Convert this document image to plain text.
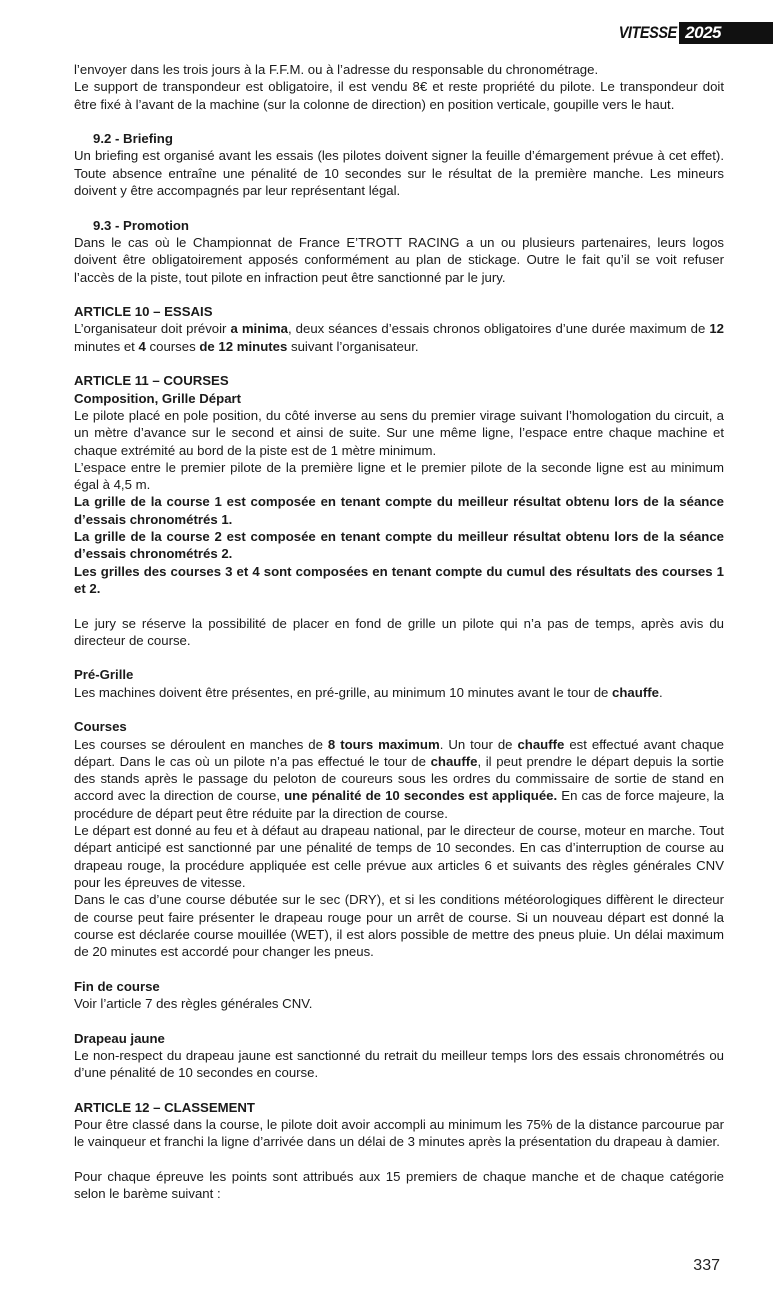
VITESSE 2025

l’envoyer dans les trois jours à la F.F.M. ou à l’adresse du responsable du chronométrage.

Le support de transpondeur est obligatoire, il est vendu 8€ et reste propriété du pilote. Le transpondeur doit être fixé à l’avant de la machine (sur la colonne de direction) en position verticale, goupille vers le haut.

9.2 - Briefing

Un briefing est organisé avant les essais (les pilotes doivent signer la feuille d’émargement prévue à cet effet). Toute absence entraîne une pénalité de 10 secondes sur le résultat de la première manche. Les mineurs doivent y être accompagnés par leur représentant légal.

9.3 - Promotion

Dans le cas où le Championnat de France E’TROTT RACING a un ou plusieurs partenaires, leurs logos doivent être obligatoirement apposés conformément au plan de stickage. Outre le fait qu’il se voit refuser l’accès de la piste, tout pilote en infraction peut être sanctionné par le jury.

ARTICLE 10 – ESSAIS

L’organisateur doit prévoir a minima, deux séances d’essais chronos obligatoires d’une durée maximum de 12 minutes et 4 courses de 12 minutes suivant l’organisateur.

ARTICLE 11 – COURSES

Composition, Grille Départ

Le pilote placé en pole position, du côté inverse au sens du premier virage suivant l’homologation du circuit, a un mètre d’avance sur le second et ainsi de suite. Sur une même ligne, l’espace entre chaque machine et chaque extrémité au bord de la piste est de 1 mètre minimum.

L’espace entre le premier pilote de la première ligne et le premier pilote de la seconde ligne est au minimum égal à 4,5 m.

La grille de la course 1 est composée en tenant compte du meilleur résultat obtenu lors de la séance d’essais chronométrés 1.

La grille de la course 2 est composée en tenant compte du meilleur résultat obtenu lors de la séance d’essais chronométrés 2.

Les grilles des courses 3 et 4 sont composées en tenant compte du cumul des résultats des courses 1 et 2.

Le jury se réserve la possibilité de placer en fond de grille un pilote qui n’a pas de temps, après avis du directeur de course.

Pré-Grille

Les machines doivent être présentes, en pré-grille, au minimum 10 minutes avant le tour de chauffe.

Courses

Les courses se déroulent en manches de 8 tours maximum. Un tour de chauffe est effectué avant chaque départ. Dans le cas où un pilote n’a pas effectué le tour de chauffe, il peut prendre le départ depuis la sortie des stands après le passage du peloton de coureurs sous les ordres du commissaire de sortie de stand en accord avec la direction de course, une pénalité de 10 secondes est appliquée. En cas de force majeure, la procédure de départ peut être réduite par la direction de course.

Le départ est donné au feu et à défaut au drapeau national, par le directeur de course, moteur en marche. Tout départ anticipé est sanctionné par une pénalité de temps de 10 secondes. En cas d’interruption de course au drapeau rouge, la procédure appliquée est celle prévue aux articles 6 et suivants des règles générales CNV pour les épreuves de vitesse.

Dans le cas d’une course débutée sur le sec (DRY), et si les conditions météorologiques diffèrent le directeur de course peut faire présenter le drapeau rouge pour un arrêt de course. Si un nouveau départ est donné la course est déclarée course mouillée (WET), il est alors possible de mettre des pneus pluie. Un délai maximum de 20 minutes est accordé pour changer les pneus.

Fin de course

Voir l’article 7 des règles générales CNV.

Drapeau jaune

Le non-respect du drapeau jaune est sanctionné du retrait du meilleur temps lors des essais chronométrés ou d’une pénalité de 10 secondes en course.

ARTICLE 12 – CLASSEMENT

Pour être classé dans la course, le pilote doit avoir accompli au minimum les 75% de la distance parcourue par le vainqueur et franchi la ligne d’arrivée dans un délai de 3 minutes après la présentation du drapeau à damier.

Pour chaque épreuve les points sont attribués aux 15 premiers de chaque manche et de chaque catégorie selon le barème suivant :

337
